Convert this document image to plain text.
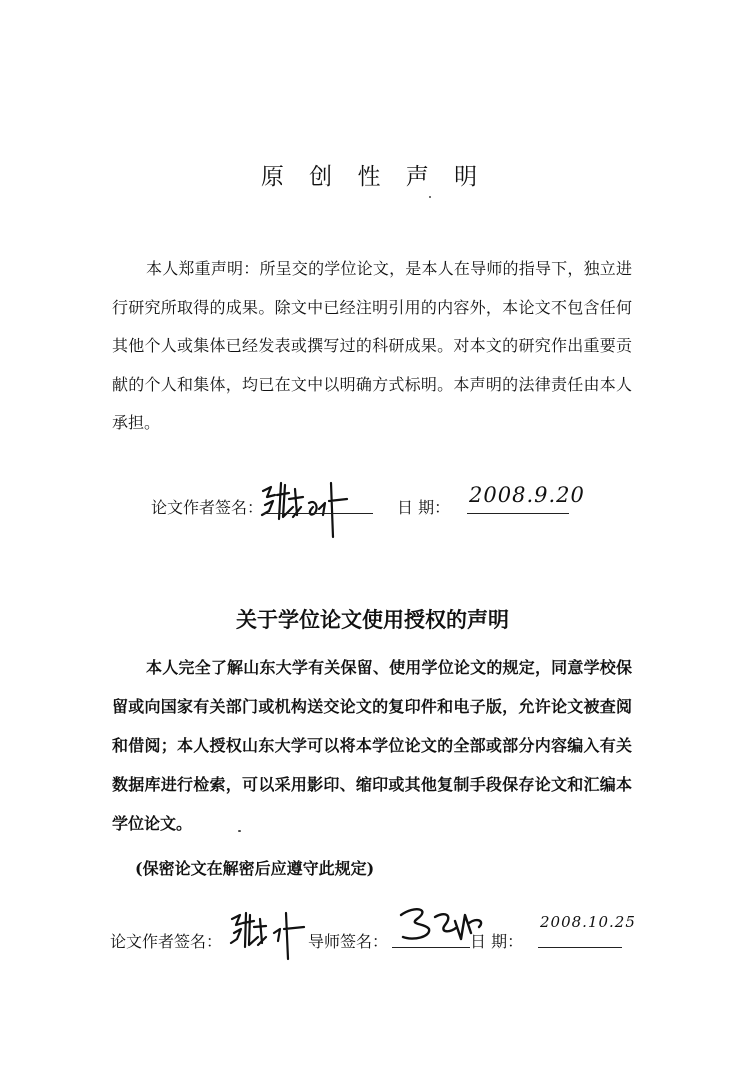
原 创 性 声 明
本人郑重声明：所呈交的学位论文，是本人在导师的指导下，独立进行研究所取得的成果。除文中已经注明引用的内容外，本论文不包含任何其他个人或集体已经发表或撰写过的科研成果。对本文的研究作出重要贡献的个人和集体，均已在文中以明确方式标明。本声明的法律责任由本人承担。
论文作者签名：	日 期：
2008.9.20
关于学位论文使用授权的声明
本人完全了解山东大学有关保留、使用学位论文的规定，同意学校保留或向国家有关部门或机构送交论文的复印件和电子版，允许论文被查阅和借阅；本人授权山东大学可以将本学位论文的全部或部分内容编入有关数据库进行检索，可以采用影印、缩印或其他复制手段保存论文和汇编本学位论文。
(保密论文在解密后应遵守此规定)
论文作者签名：	导师签名：	日 期：
2008.10.25
